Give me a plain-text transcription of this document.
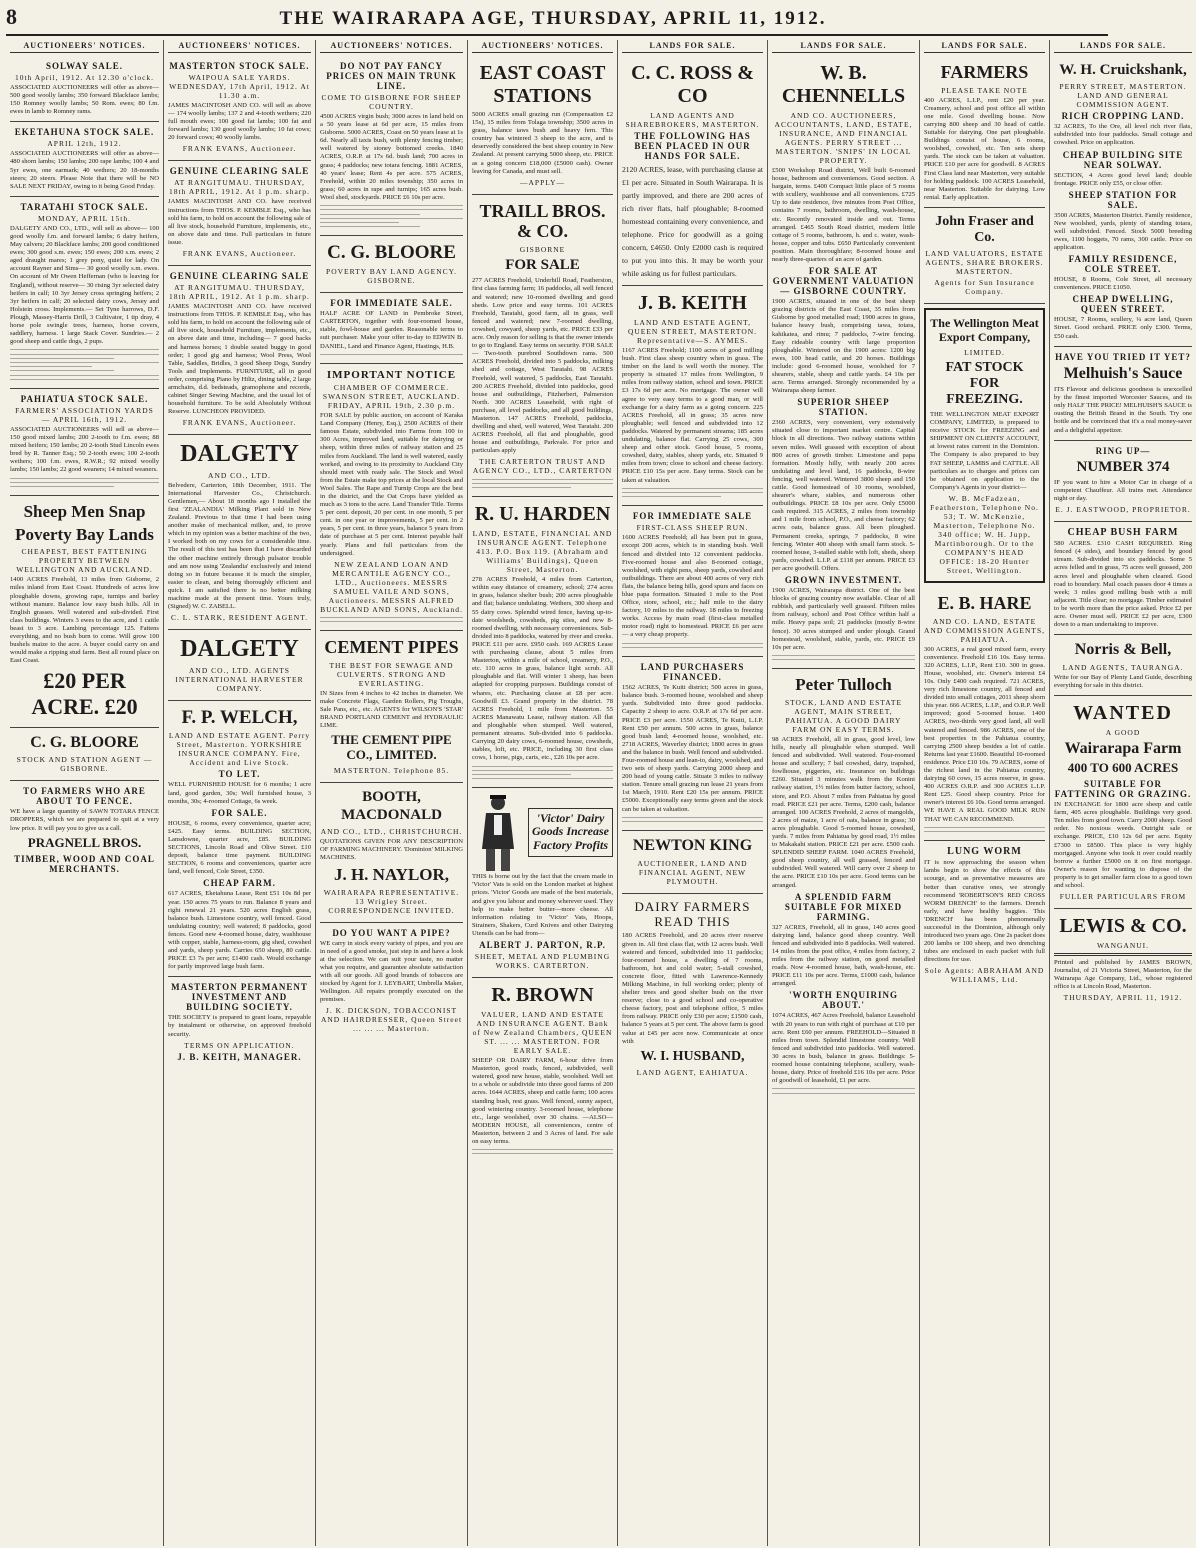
8	THE WAIRARAPA AGE, THURSDAY, APRIL 11, 1912.
AUCTIONEERS' NOTICES.
SOLWAY SALE.
10th April, 1912. At 12.30 o'clock.
ASSOCIATED AUCTIONEERS will offer as above—500 good woolly lambs; 350 forward Blackface lambs; 150 Romney woolly lambs; 50 Rom. ewes; 80 f.m. ewes in lamb to Romney rams.
EKETAHUNA STOCK SALE.
APRIL 12th, 1912.
ASSOCIATED AUCTIONEERS will offer as above—480 shorn lambs; 150 lambs; 200 rape lambs; 100 4 and 5yr ewes, one earmark; 40 wethers; 20 18-months steers; 20 steers. Please Note that there will be NO SALE NEXT FRIDAY, owing to it being Good Friday.
TARATAHI STOCK SALE.
MONDAY, APRIL 15th.
DALGETY AND CO., LTD., will sell as above— 100 good woolly f.m. and forward lambs; 6 dairy heifers, May calvers; 20 Blackface lambs; 200 good conditioned ewes; 300 good s.m. ewes; 150 ewes; 200 s.m. ewes; 2 aged draught mares; 1 grey pony, quiet for lady. On account Rayner and Sims— 30 good woolly s.m. ewes. On account of Mr Owen Heffernan (who is leaving for England), without reserve— 30 rising 3yr selected dairy heifers in calf; 10 3yr Jersey cross springing heifers; 2 3yr heifers in calf; 20 selected dairy cows, Jersey and Holstein cross. Implements.— Set Tyne harrows, D.F. Plough, Massey-Harris Drill, 3 Cultivator, 1 tip dray, 4 horse pole swingle trees, harness, horse covers, saddlery, harness. 1 large Stack Cover. Sundries.— 2 good sheep and cattle dogs, 2 pups.
PAHIATUA STOCK SALE.
FARMERS' ASSOCIATION YARDS — APRIL 16th, 1912.
ASSOCIATED AUCTIONEERS will sell as above— 150 good mixed lambs; 200 2-tooth to f.m. ewes; 88 mixed heifers; 150 lambs; 20 2-tooth Stud Lincoln ewes bred by R. Tanner Esq.; 50 2-tooth ewes; 100 2-tooth wethers; 100 f.m. ewes, R.W.R.; 92 mixed woolly lambs; 150 lambs; 22 good weaners; 14 mixed weaners.
Sheep Men Snap
Poverty Bay Lands
CHEAPEST, BEST FATTENING PROPERTY BETWEEN WELLINGTON AND AUCKLAND.
1400 ACRES Freehold, 13 miles from Gisborne, 2 miles inland from East Coast. Hundreds of acres low ploughable downs, growing rape, turnips and barley without manure. Balance low easy bush hills. All in English grasses. Well watered and sub-divided. First class buildings. Winters 3 ewes to the acre, and 1 cattle beast to 3 acre. Lambing percentage 125. Fattens everything, and no bush burn to come. Will grow 100 bushels maize to the acre. A buyer could carry on and would make a ripping stud farm. Best all round place on East Coast.
£20 PER ACRE. £20
C. G. BLOORE
STOCK AND STATION AGENT — GISBORNE.
TO FARMERS WHO ARE ABOUT TO FENCE.
WE have a large quantity of SAWN TOTARA FENCE DROPPERS, which we are prepared to quit at a very low price. It will pay you to give us a call.
PRAGNELL BROS.
TIMBER, WOOD AND COAL MERCHANTS.
AUCTIONEERS' NOTICES.
MASTERTON STOCK SALE.
WAIPOUA SALE YARDS. WEDNESDAY, 17th April, 1912. At 11.30 a.m.
JAMES MACINTOSH AND CO. will sell as above— 174 woolly lambs; 137 2 and 4-tooth wethers; 220 full mouth ewes; 100 good fat lambs; 100 fat and forward lambs; 130 good woolly lambs; 10 fat cows; 20 forward cows; 40 woolly lambs.
FRANK EVANS, Auctioneer.
GENUINE CLEARING SALE
AT RANGITUMAU. THURSDAY, 18th APRIL, 1912. At 1 p.m. sharp.
JAMES MACINTOSH AND CO. have received instructions from THOS. P. KEMBLE Esq., who has sold his farm, to hold on account the following sale of all live stock, household Furniture, implements, etc., on above date and time. Full particulars in future issue.
FRANK EVANS, Auctioneer.
GENUINE CLEARING SALE
AT RANGITUMAU. THURSDAY, 18th APRIL, 1912. At 1 p.m. sharp.
JAMES MACINTOSH AND CO. have received instructions from THOS. P. KEMBLE Esq., who has sold his farm, to hold on account the following sale of all live stock, household Furniture, implements, etc., on above date and time, including— 7 good hacks and harness horses; 1 double seated buggy in good order; 1 good gig and harness; Wool Press, Wool Table, Saddles, Bridles, 3 good Sheep Dogs, Sundry Tools and Implements. FURNITURE, all in good order, comprising Piano by Hiltz, dining table, 2 large armchairs, d.d. bedsteads, gramophone and records, cabinet Singer Sewing Machine, and the usual lot of household furniture. To be sold Absolutely Without Reserve. LUNCHEON PROVIDED.
FRANK EVANS, Auctioneer.
DALGETY
AND CO., LTD.
Belvedere, Carterton, 18th December, 1911. The International Harvester Co., Christchurch. Gentlemen,— About 18 months ago I installed the first 'ZEALANDIA' Milking Plant sold in New Zealand. Previous to that time I had been using another make of mechanical milker, and, to prove which in my opinion was a better machine of the two, I worked both on my cows for a considerable time. The result of this test has been that I have discarded the other machine entirely through pulsator trouble and am now using 'Zealandia' exclusively and intend doing so in future because it is much the simpler, easier to clean, and being thoroughly efficient and quick. I am satisfied there is no better milking machine made at the present time. Yours truly, (Signed) W. C. ZABELL.
C. L. STARK, RESIDENT AGENT.
DALGETY
AND CO., LTD. AGENTS INTERNATIONAL HARVESTER COMPANY.
F. P. WELCH,
LAND AND ESTATE AGENT. Perry Street, Masterton. YORKSHIRE INSURANCE COMPANY. Fire, Accident and Live Stock.
TO LET.
WELL FURNISHED HOUSE for 6 months; 1 acre land, good garden, 30s; Well furnished house, 3 months, 30s; 4-roomed Cottage, 6s week.
FOR SALE.
HOUSE, 6 rooms, every convenience, quarter acre; £425. Easy terms. BUILDING SECTION, Lansdowne, quarter acre, £85. BUILDING SECTIONS, Lincoln Road and Olive Street. £10 deposit, balance time payment. BUILDING SECTION, 6 rooms and conveniences, quarter acre land, well fenced, Cole Street, £350.
CHEAP FARM.
617 ACRES, Eketahuna Lease, Rent £51 10s 8d per year. 150 acres 75 years to run. Balance 8 years and right renewal 21 years. 520 acres English grass, balance bush. Limestone country, well fenced. Good undulating country; well watered; 8 paddocks, good fences. Good new 4-roomed house, dairy, washhouse with copper, stable, harness-room, gig shed, cowshed and yards, sheep yards. Carries 650 sheep, 80 cattle. PRICE £3 7s per acre; £1400 cash. Would exchange for partly improved large bush farm.
MASTERTON PERMANENT INVESTMENT AND BUILDING SOCIETY.
THE SOCIETY is prepared to grant loans, repayable by instalment or otherwise, on approved freehold security.
TERMS ON APPLICATION.
J. B. KEITH, MANAGER.
AUCTIONEERS' NOTICES.
DO NOT PAY FANCY PRICES ON MAIN TRUNK LINE.
COME TO GISBORNE FOR SHEEP COUNTRY.
4500 ACRES virgin bush; 3000 acres in land held on a 50 years lease at 6d per acre, 15 miles from Gisborne. 5000 ACRES, Coast on 50 years lease at 1s 6d. Nearly all taxis bush, with plenty fencing timber; well watered by stoney bottomed creeks. 1840 ACRES, O.R.P. at 17s 6d. bush land; 700 acres in grass; 4 paddocks; new totara fencing. 1881 ACRES, 40 years' lease; Rent 4s per acre. 575 ACRES, Freehold, within 20 miles township; 350 acres in grass; 60 acres in rape and turnips; 165 acres bush. Wool shed, stockyards. PRICE £6 10s per acre.
C. G. BLOORE
POVERTY BAY LAND AGENCY. GISBORNE.
FOR IMMEDIATE SALE.
HALF ACRE OF LAND in Pembroke Street, CARTERTON, together with four-roomed house, stable, fowl-house and garden. Reasonable terms to suit purchaser. Make your offer to-day to EDWIN B. DANIEL, Land and Finance Agent, Hastings, H.B.
IMPORTANT NOTICE
CHAMBER OF COMMERCE. SWANSON STREET, AUCKLAND. FRIDAY, APRIL 19th, 2.30 p.m.
FOR SALE by public auction, on account of Karaka Land Company (Henry, Esq.), 2500 ACRES of their famous Estate, subdivided into Farms from 100 to 300 Acres, improved land, suitable for dairying or sheep, within three miles of railway station and 25 miles from Auckland. The land is well watered, easily worked, and owing to its proximity to Auckland City should meet with ready sale. The Stock and Wool from the Estate make top prices at the local Stock and Wool Sales. The Rape and Turnip Crops are the best in the district, and the Oat Crops have yielded as much as 3 tons to the acre. Land Transfer Title. Terms 5 per cent. deposit, 20 per cent. in one month, 5 per cent. in one year or improvements, 5 per cent. in 2 years, 5 per cent. in three years, balance 5 years from date of purchase at 5 per cent. Interest payable half yearly. Plans and full particulars from the undersigned.
NEW ZEALAND LOAN AND MERCANTILE AGENCY CO., LTD., Auctioneers. MESSRS SAMUEL VAILE AND SONS, Auctioneers. MESSRS ALFRED BUCKLAND AND SONS, Auckland.
CEMENT PIPES
THE BEST FOR SEWAGE AND CULVERTS. STRONG AND EVERLASTING.
IN Sizes from 4 inches to 42 inches in diameter. We make Concrete Flags, Garden Rollers, Pig Troughs, Sale Pans, etc., etc. AGENTS for WILSON'S 'STAR' BRAND PORTLAND CEMENT and HYDRAULIC LIME.
THE CEMENT PIPE CO., LIMITED.
MASTERTON. Telephone 85.
BOOTH, MACDONALD
AND CO., LTD., CHRISTCHURCH.
QUOTATIONS GIVEN FOR ANY DESCRIPTION OF FARMING MACHINERY. 'Dominion' MILKING MACHINES.
J. H. NAYLOR,
WAIRARAPA REPRESENTATIVE. 13 Wrigley Street. CORRESPONDENCE INVITED.
DO YOU WANT A PIPE?
WE carry in stock every variety of pipes, and you are in need of a good smoke, just step in and have a look at the selection. We can suit your taste, no matter what you require, and guarantee absolute satisfaction with all our goods. All good brands of tobaccos are stocked by Agent for J. LEYBART, Umbrella Maker, Wellington. All repairs promptly executed on the premises.
J. K. DICKSON, TOBACCONIST AND HAIRDRESSER, Queen Street ... ... ... Masterton.
AUCTIONEERS' NOTICES.
EAST COAST STATIONS
5000 ACRES small grazing run (Compensation £2 15s), 15 miles from Tolaga township; 3500 acres in grass, balance taws bush and heavy fern. This country has wintered 3 sheep to the acre, and is deservedly considered the best sheep country in New Zealand. At present carrying 5000 sheep, etc. PRICE as a going concern £18,000 (£5000 cash). Owner leaving for Canada, and must sell.
—APPLY—
TRAILL BROS. & CO.
GISBORNE
FOR SALE
277 ACRES Freehold, Underhill Road, Featherston, first class farming farm; 16 paddocks, all well fenced and watered; new 10-roomed dwelling and good sheds. Low price and easy terms. 101 ACRES Freehold, Taratahi, good farm, all in grass, well fenced and watered; new 7-roomed dwelling, cowshed, cowyard, sheep yards, etc. PRICE £33 per acre. Only reason for selling is that the owner intends to go to England. Easy terms on security. FOR SALE— Two-tooth purebred Southdown rams. 500 ACRES Freehold, divided into 5 paddocks, milking shed and cottage, West Taratahi. 98 ACRES Freehold, well watered, 5 paddocks, East Taratahi. 200 ACRES Freehold, divided into paddocks, good house and outbuildings, Fitzherbert, Palmerston North. 300 ACRES Leasehold, with right of purchase, all level paddocks, and all good buildings, Masterton. 147 ACRES Freehold, paddocks, dwelling and shed, well watered, West Taratahi. 200 ACRES Freehold, all flat and ploughable, good house and outbuildings, Parkvale. For price and particulars apply
THE CARTERTON TRUST AND AGENCY CO., LTD., CARTERTON
R. U. HARDEN
LAND, ESTATE, FINANCIAL AND INSURANCE AGENT. Telephone 413. P.O. Box 119. (Abraham and Williams' Buildings), Queen Street, Masterton.
278 ACRES Freehold, 4 miles from Carterton, within easy distance of creamery, school; 274 acres in grass, balance shelter bush; 200 acres ploughable and flat; balance undulating. Wethers, 300 sheep and 55 dairy cows. Splendid wired fence, having up-to-date woolsheds, cowsheds, pig sties, and new 8-roomed dwelling, with necessary conveniences. Sub-divided into 8 paddocks, watered by river and creeks. PRICE £11 per acre. £950 cash. 169 ACRES Lease with purchasing clause, about 5 miles from Masterton, within a mile of school, creamery, P.O., etc. 110 acres in grass, balance light scrub. All ploughable and flat. Will winter 1 sheep, has been adapted for cropping purposes. Buildings consist of whares, etc. Purchasing clause at £8 per acre. Goodwill £3. Grand property in the district. 78 ACRES Freehold, 1 mile from Masterton. 55 ACRES Manawatu Lease, railway station. All flat and ploughable when stumped. Well watered, permanent streams. Sub-divided into 6 paddocks. Carrying 20 dairy cows, 6-roomed house, cowsheds, stables, loft, etc. PRICE, including 30 first class cows, 1 horse, pigs, carts, etc., £26 10s per acre.
'Victor' Dairy Goods Increase Factory Profits
THIS is borne out by the fact that the cream made in 'Victor' Vats is sold on the London market at highest prices. 'Victor' Goods are made of the best materials, and give you labour and money wherever used. They help to make better butter—more cheese. All information relating to 'Victor' Vats, Hoops, Strainers, Shakers, Curd Knives and other Dairying Utensils can be had from—
ALBERT J. PARTON, R.P.
SHEET, METAL AND PLUMBING WORKS. CARTERTON.
R. BROWN
VALUER, LAND AND ESTATE AND INSURANCE AGENT. Bank of New Zealand Chambers, QUEEN ST. ... ... MASTERTON. FOR EARLY SALE.
SHEEP OR DAIRY FARM, 6-hour drive from Masterton, good roads, fenced, subdivided, well watered, good new house, stable, woolshed. Well set to a whole or subdivide into three good farms of 200 acres. 1644 ACRES, sheep and cattle farm; 100 acres standing bush, rest grass. Well fenced, sunny aspect, good wintering country. 3-roomed house, telephone etc., large woolshed, over 30 chains. —ALSO— MODERN HOUSE, all conveniences, centre of Masterton, between 2 and 3 Acres of land. For sale on easy terms.
LANDS FOR SALE.
C. C. ROSS & CO
LAND AGENTS AND SHAREBROKERS, MASTERTON.
THE FOLLOWING HAS BEEN PLACED IN OUR HANDS FOR SALE.
2120 ACRES, lease, with purchasing clause at £1 per acre. Situated in South Wairarapa. It is partly improved, and there are 200 acres of rich river flats, half ploughable; 8-roomed homestead containing every convenience, and telephone. Price for goodwill as a going concern, £4650. Only £2000 cash is required to put you into this. It may be worth your while asking us for fullest particulars.
J. B. KEITH
LAND AND ESTATE AGENT, QUEEN STREET, MASTERTON. Representative—S. AYMES.
1167 ACRES Freehold; 1100 acres of good milling bush. First class sheep country when in grass. The timber on the land is well worth the money. The property is situated 17 miles from Wellington, 9 miles from railway station, school and town. PRICE £3 17s 6d per acre. No mortgage. The owner will agree to very easy terms to a good man, or will exchange for a dairy farm as a going concern. 225 ACRES Freehold, all in grass; 35 acres now ploughable; well fenced and subdivided into 12 paddocks. Watered by permanent streams; 185 acres undulating, balance flat. Carrying 25 cows, 300 sheep and other stock. Good house, 5 rooms, cowshed, dairy, stables, sheep yards, etc. Situated 9 miles from town; close to school and cheese factory. PRICE £10 15s per acre. Easy terms. Stock can be taken at valuation.
FOR IMMEDIATE SALE
FIRST-CLASS SHEEP RUN.
1600 ACRES Freehold; all has been put in grass, except 200 acres, which is in standing bush. Well fenced and divided into 12 convenient paddocks. Five-roomed house and also 8-roomed cottage, woolshed, with eight pens, sheep yards, cowshed and outbuildings. There are about 400 acres of very rich flats, the balance being hills, good spurs and faces on blue papa formation. Situated 1 mile to the Post Office, store, school, etc.; half mile to the dairy factory, 10 miles to the railway. 18 miles to freezing works. Access by main road (first-class metalled motor road) right to homestead. PRICE £6 per acre— a very cheap property.
LAND PURCHASERS FINANCED.
1562 ACRES, Te Kuiti district; 500 acres in grass, balance bush. 3-roomed house, woolshed and sheep yards. Subdivided into three good paddocks. Capacity 2 sheep to acre. O.R.P. at 17s 6d per acre. PRICE £3 per acre. 1550 ACRES, Te Kuiti, L.I.P. Rent £50 per annum. 500 acres in grass, balance good bush land; 4-roomed house, woolshed, etc. 2718 ACRES, Waverley district; 1800 acres in grass and the balance in bush. Well fenced and subdivided. Four-roomed house and lean-to, dairy, woolshed, and two sets of sheep yards. Carrying 2000 sheep and 200 head of young cattle. Situate 3 miles to railway station. Tenure small grazing run lease 21 years from 1st March, 1910. Rent £20 15s per annum. PRICE £5000. Exceptionally easy terms given and the stock can be taken at valuation.
NEWTON KING
AUCTIONEER, LAND AND FINANCIAL AGENT, NEW PLYMOUTH.
DAIRY FARMERS READ THIS
180 ACRES Freehold, and 20 acres river reserve given in. All first class flat, with 12 acres bush. Well watered and fenced, subdivided into 11 paddocks; four-roomed house, a dwelling of 7 rooms, bathroom, hot and cold water; 5-stall cowshed, concrete floor, fitted with Lawrence-Kennedy Milking Machine, in full working order; plenty of shelter trees and good shelter bush on the river reserve; close to a good school and co-operative cheese factory, post and telephone office, 5 miles from railway. PRICE only £30 per acre; £1500 cash, balance 5 years at 5 per cent. The above farm is good value at £45 per acre now. Communicate at once with
W. I. HUSBAND,
LAND AGENT, EAHIATUA.
LANDS FOR SALE.
W. B. CHENNELLS
AND CO. AUCTIONEERS, ACCOUNTANTS, LAND, ESTATE, INSURANCE, AND FINANCIAL AGENTS. PERRY STREET ... MASTERTON. 'SNIPS' IN LOCAL PROPERTY.
£500 Workshop Road district, Well built 6-roomed house, bathroom and conveniences. Good section. A bargain, terms. £400 Compact little place of 5 rooms with scullery, washhouse and all conveniences. £725 Up to date residence, five minutes from Post Office, contains 7 rooms, bathroom, dwelling, wash-house, etc. Recently renovated inside and out. Terms arranged. £465 South Road district, modern little cottage of 5 rooms, bathroom, h. and c. water, wash-house, copper and tubs. £650 Particularly convenient position. Main thoroughfare; 8-roomed house and nearly three-quarters of an acre of garden.
FOR SALE AT GOVERNMENT VALUATION — GISBORNE COUNTRY.
1900 ACRES, situated in one of the best sheep grazing districts of the East Coast, 35 miles from Gisborne by good metalled road; 1900 acres in grass, balance heavy bush, comprising tawa, totara, kahikatea, and rimu; 7 paddocks, 7-wire fencing. Easy rideable country with large proportion ploughable. Wintered on the 1900 acres: 1200 big ewes, 100 head cattle, and 20 horses. Buildings include: good 6-roomed house, woolshed for 7 shearers, stable, sheep and cattle yards. £4 10s per acre. Terms arranged. Strongly recommended by a Wairarapa sheep farmer.
SUPERIOR SHEEP STATION.
2360 ACRES, very convenient, very extensively situated close to important market centre. Capital block in all directions. Two railway stations within seven miles. Well grassed with exception of about 800 acres of growth timber. Limestone and papa formation. Mostly hilly, with nearly 200 acres undulating and level land, 16 paddocks, 8-wire fencing, well watered. Wintered 3800 sheep and 150 cattle. Good homestead of 10 rooms, woolshed, shearer's whare, stables, and numerous other outbuildings. PRICE £8 10s per acre. Only £5000 cash required. 315 ACRES, 2 miles from township and 1 mile from school, P.O., and cheese factory; 62 acres oats, balance grass. All been ploughed. Permanent creeks, springs, 7 paddocks, 8 wire fencing. Winter 400 sheep with small farm stock. 5-roomed house, 3-stalled stable with loft, sheds, sheep yards, cowshed. L.I.P. at £118 per annum. PRICE £3 per acre goodwill. Offers.
GROWN INVESTMENT.
1900 ACRES, Wairarapa district. One of the best blocks of grazing country now available. Clear of all rubbish, and particularly well grassed. Fifteen miles from railway, school and Post Office within half a mile. Heavy papa soil; 21 paddocks (mostly 8-wire fence). 30 acres stumped and under plough. Grand homestead, woolshed, stable, yards, etc. PRICE £9 10s per acre.
Peter Tulloch
STOCK, LAND AND ESTATE AGENT, MAIN STREET, PAHIATUA. A GOOD DAIRY FARM ON EASY TERMS.
98 ACRES Freehold, all in grass, good level, low hills, nearly all ploughable when stumped. Well fenced and subdivided. Well watered. Four-roomed house and scullery; 7 bail cowshed, dairy, trapshed, fowlhouse, piggeries, etc. Insurance on buildings £260. Situated 3 minutes walk from the Konini railway station, 1½ miles from butter factory, school, store, and P.O. About 7 miles from Pahiatua by good road. PRICE £21 per acre. Terms, £200 cash, balance arranged. 100 ACRES Freehold, 2 acres of mangolds, 2 acres of maize, 1 acre of oats, balance in grass; 30 acres ploughable. Good 5-roomed house, cowshed, yards. 7 miles from Pahiatua by good road, 1½ miles to Makakahi station. PRICE £21 per acre. £500 cash. SPLENDID SHEEP FARM. 1040 ACRES Freehold, good sheep country, all well grassed, fenced and subdivided. Well watered. Will carry over 2 sheep to the acre. PRICE £10 10s per acre. Good terms can be arranged.
A SPLENDID FARM SUITABLE FOR MIXED FARMING.
327 ACRES, Freehold, all in grass, 140 acres good dairying land, balance good sheep country. Well fenced and subdivided into 8 paddocks. Well watered. 14 miles from the post office, 4 miles from factory, 2 miles from the railway station, on good metalled roads. Now 4-roomed house, bath, wash-house, etc. PRICE £11 10s per acre. Terms, £1000 cash, balance arranged.
'WORTH ENQUIRING ABOUT.'
1074 ACRES, 467 Acres Freehold, balance Leasehold with 20 years to run with right of purchase at £10 per acre. Rent £60 per annum. FREEHOLD—Situated 8 miles from town. Splendid limestone country. Well fenced and subdivided into paddocks. Well watered. 30 acres in bush, balance in grass. Buildings: 5-roomed house containing telephone, scullery, wash-house, dairy. Price of freehold £16 10s per acre. Price of goodwill of leasehold, £1 per acre.
LANDS FOR SALE.
FARMERS
PLEASE TAKE NOTE
400 ACRES, L.I.P., rent £20 per year. Creamery, school and post office all within one mile. Good dwelling house. Now carrying 800 sheep and 30 head of cattle. Suitable for dairying. One part ploughable. Buildings consist of house, 6 rooms, woolshed, cowshed, etc. Ten sets sheep yards. The stock can be taken at valuation. PRICE £10 per acre for goodwill. 8 ACRES First Class land near Masterton, very suitable for holding paddock. 100 ACRES Leasehold, near Masterton. Suitable for dairying. Low rental. Early application.
John Fraser and Co.
LAND VALUATORS, ESTATE AGENTS, SHARE BROKERS. MASTERTON.
Agents for Sun Insurance Company.
The Wellington Meat Export Company,
LIMITED.
FAT STOCK FOR FREEZING.
THE WELLINGTON MEAT EXPORT COMPANY, LIMITED, is prepared to receive STOCK for FREEZING and SHIPMENT ON CLIENTS' ACCOUNT, at lowest rates current in the Dominion. The Company is also prepared to buy FAT SHEEP, LAMBS and CATTLE. All particulars as to charges and prices can be obtained on application to the Company's Agents in your district—
W. B. McFadzean, Featherston, Telephone No. 53; T. W. McKenzie, Masterton, Telephone No. 340 office; W. H. Jupp, Martinborough. Or to the COMPANY'S HEAD OFFICE: 18-20 Hunter Street, Wellington.
E. B. HARE
AND CO. LAND, ESTATE AND COMMISSION AGENTS, PAHIATUA.
300 ACRES, a real good mixed farm, every convenience. Freehold £16 10s. Easy terms. 320 ACRES, L.I.P., Rent £10. 300 in grass. House, woolshed, etc. Owner's interest £4 10s. Only £400 cash required. 721 ACRES, very rich limestone country, all fenced and divided into small cottages, 2011 sheep shorn this year. 666 ACRES, L.I.P., and O.R.P. Well improved; good 5-roomed house. 1400 ACRES, two-thirds very good land, all well watered and fenced. 986 ACRES, one of the best properties in the Pahiatua country, carrying 2500 sheep besides a lot of cattle. Returns last year £1600. Beautiful 10-roomed residence. Price £10 10s. 79 ACRES, some of the richest land in the Pahiatua country, dairying 60 cows, 15 acres reserve, in grass. 400 ACRES O.R.P. and 300 ACRES L.I.P. Rent £25. Good sheep country. Price for owner's interest £6 10s. Good terms arranged. WE HAVE A REAL GOOD MILK RUN THAT WE CAN RECOMMEND.
LUNG WORM
IT is now approaching the season when lambs begin to show the effects of this scourge, and as preventative measures are better than curative ones, we strongly recommend 'ROBERTSON'S RED CROSS WORM DRENCH' to the farmers. Drench early, and have healthy baggies. This 'DRENCH' has been phenomenally successful in the Dominion, although only introduced two years ago. One 2s packet does 200 lambs or 100 sheep, and two drenching tubes are enclosed in each packet with full directions for use.
Sole Agents: ABRAHAM AND WILLIAMS, Ltd.
LANDS FOR SALE.
W. H. Cruickshank,
PERRY STREET, MASTERTON. LAND AND GENERAL COMMISSION AGENT.
RICH CROPPING LAND.
32 ACRES, To the Ore, all level rich river flats, subdivided into four paddocks. Small cottage and cowshed. Price on application.
CHEAP BUILDING SITE NEAR SOLWAY.
SECTION, 4 Acres good level land; double frontage. PRICE only £55, or close offer.
SHEEP STATION FOR SALE.
3500 ACRES, Masterton District. Family residence, New woolshed, yards, plenty of standing totara, well subdivided. Fenced. Stock 5000 breeding ewes, 1100 hoggets, 70 rams, 300 cattle. Price on application.
FAMILY RESIDENCE, COLE STREET.
HOUSE, 8 Rooms, Cole Street, all necessary conveniences. PRICE £1050.
CHEAP DWELLING, QUEEN STREET.
HOUSE, 7 Rooms, scullery, ¼ acre land, Queen Street. Good orchard. PRICE only £300. Terms, £50 cash.
HAVE YOU TRIED IT YET?
Melhuish's Sauce
ITS Flavour and delicious goodness is unexcelled by the finest imported Worcester Sauces, and its only HALF THE PRICE! MELHUISH'S SAUCE is ousting the British Brand in the South. Try one bottle and be convinced that it's a real money-saver and a delightful appetizer.
RING UP—
NUMBER 374
IF you want to hire a Motor Car in charge of a competent Chauffeur. All trains met. Attendance night or day.
E. J. EASTWOOD, PROPRIETOR.
CHEAP BUSH FARM
580 ACRES. £310 CASH REQUIRED. Ring fenced (4 sides), and boundary fenced by good stream. Sub-divided into six paddocks. Some 5 acres felled and in grass, 75 acres well grassed, 200 acres level and ploughable when cleared. Good road to boundary. Mail coach passes door 4 times a week; 3 miles good milling bush with a mill adjacent. Title clear; no mortgage. Timber estimated to be worth more than the price asked. Price £2 per acre. Owner must sell. PRICE £2 per acre, £300 down to a man undertaking to improve.
Norris & Bell,
LAND AGENTS, TAURANGA.
Write for our Bay of Plenty Land Guide, describing everything for sale in this district.
WANTED
A GOOD
Wairarapa Farm
400 TO 600 ACRES
SUITABLE FOR FATTENING OR GRAZING.
IN EXCHANGE for 1800 acre sheep and cattle farm, 405 acres ploughable. Buildings very good. Ten miles from good town. Carry 2000 sheep. Good order. No noxious weeds. Outright sale or exchange. PRICE, £10 12s 6d per acre. Equity £7300 to £8500. This place is very highly mortgaged. Anyone who took it over could readily borrow a further £5000 on it on first mortgage. Owner's reason for wanting to dispose of the property is to get smaller farm close to a good town and school.
FULLER PARTICULARS FROM
LEWIS & CO.
WANGANUI.
Printed and published by JAMES BROWN, Journalist, of 21 Victoria Street, Masterton, for the Wairarapa Age Company, Ltd., whose registered office is at Lincoln Road, Masterton.
THURSDAY, APRIL 11, 1912.
